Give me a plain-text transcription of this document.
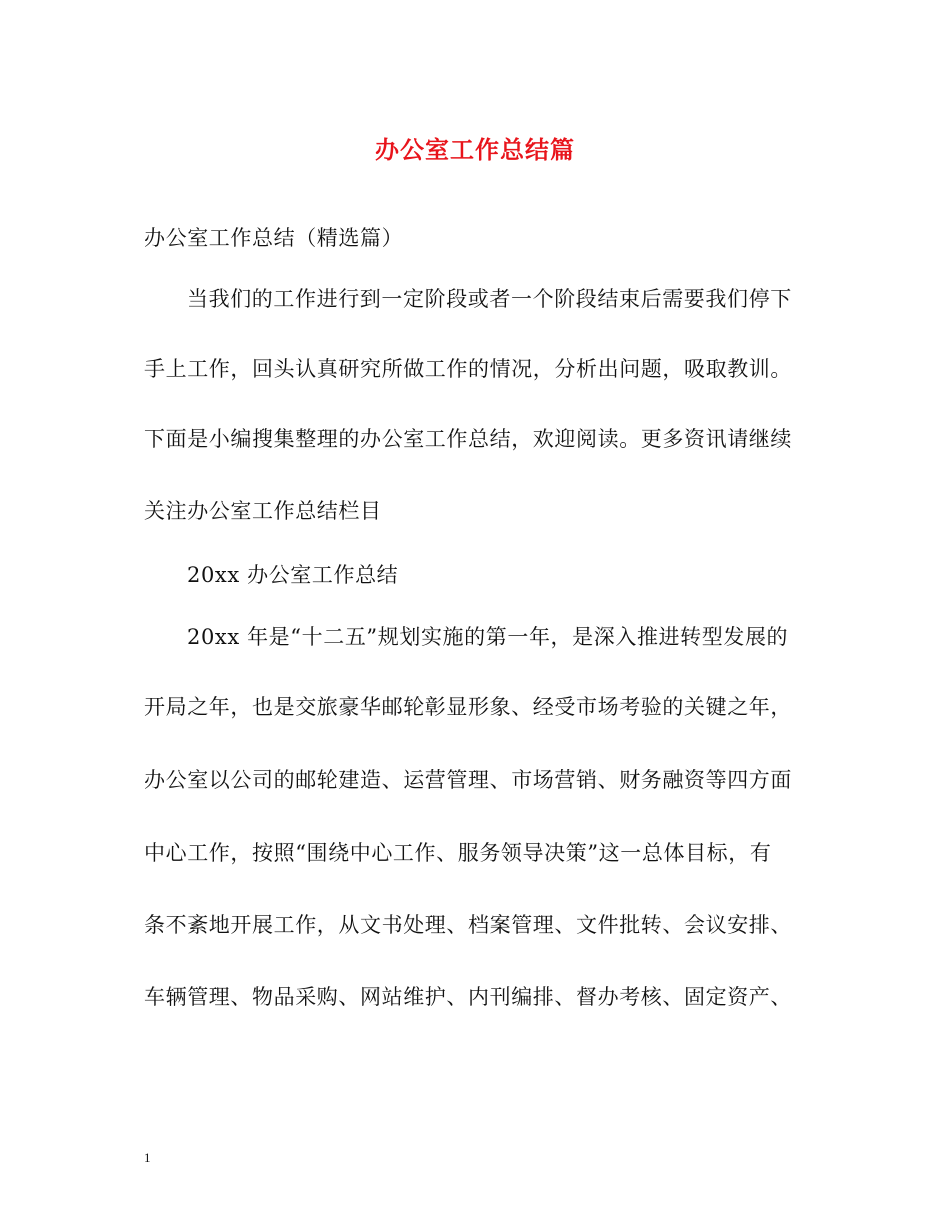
办公室工作总结篇
办公室工作总结（精选篇）
当我们的工作进行到一定阶段或者一个阶段结束后需要我们停下
手上工作，回头认真研究所做工作的情况，分析出问题，吸取教训。
下面是小编搜集整理的办公室工作总结，欢迎阅读。更多资讯请继续
关注办公室工作总结栏目
20xx 办公室工作总结
20xx 年是“十二五”规划实施的第一年，是深入推进转型发展的
开局之年，也是交旅豪华邮轮彰显形象、经受市场考验的关键之年，
办公室以公司的邮轮建造、运营管理、市场营销、财务融资等四方面
中心工作，按照“围绕中心工作、服务领导决策”这一总体目标，有
条不紊地开展工作，从文书处理、档案管理、文件批转、会议安排、
车辆管理、物品采购、网站维护、内刊编排、督办考核、固定资产、
1
